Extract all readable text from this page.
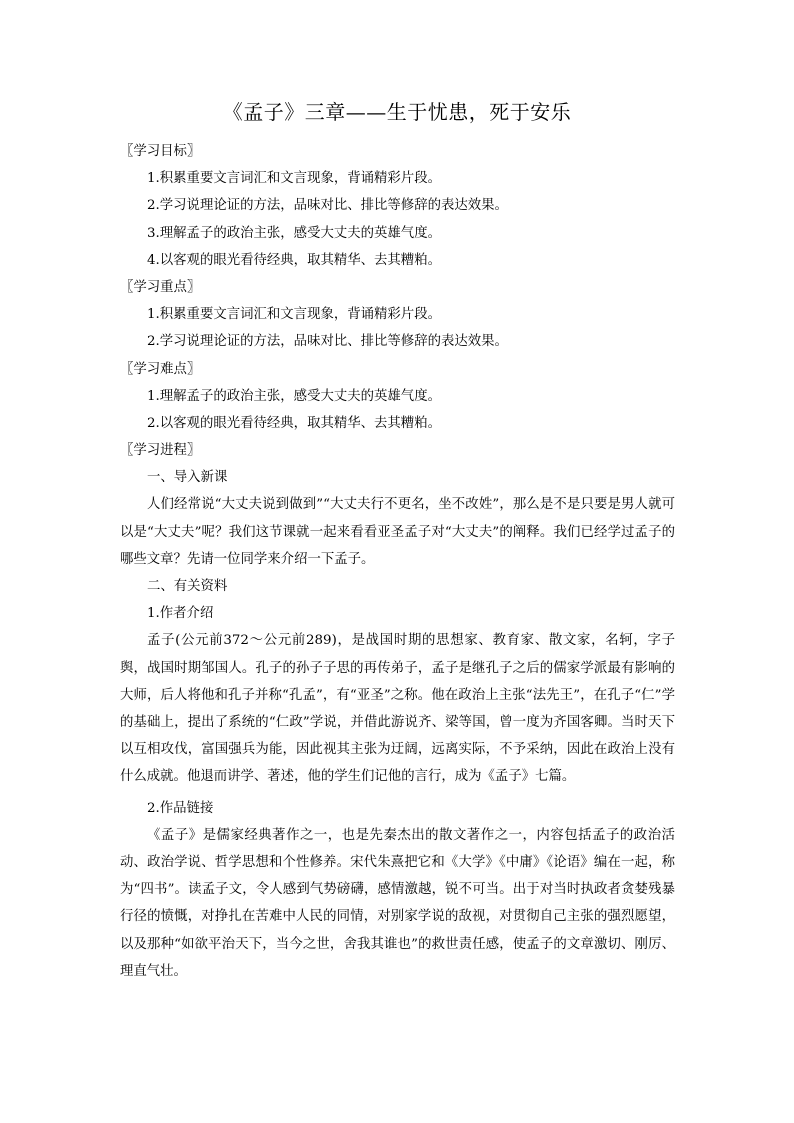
《孟子》三章——生于忧患，死于安乐
〖学习目标〗
1.积累重要文言词汇和文言现象，背诵精彩片段。
2.学习说理论证的方法，品味对比、排比等修辞的表达效果。
3.理解孟子的政治主张，感受大丈夫的英雄气度。
4.以客观的眼光看待经典，取其精华、去其糟粕。
〖学习重点〗
1.积累重要文言词汇和文言现象，背诵精彩片段。
2.学习说理论证的方法，品味对比、排比等修辞的表达效果。
〖学习难点〗
1.理解孟子的政治主张，感受大丈夫的英雄气度。
2.以客观的眼光看待经典，取其精华、去其糟粕。
〖学习进程〗
一、导入新课

人们经常说“大丈夫说到做到”“大丈夫行不更名，坐不改姓”，那么是不是只要是男人就可以是“大丈夫”呢？我们这节课就一起来看看亚圣孟子对“大丈夫”的阐释。我们已经学过孟子的哪些文章？先请一位同学来介绍一下孟子。

二、有关资料
1.作者介绍

孟子(公元前372～公元前289)，是战国时期的思想家、教育家、散文家，名轲，字子舆，战国时期邹国人。孔子的孙子子思的再传弟子，孟子是继孔子之后的儒家学派最有影响的大师，后人将他和孔子并称“孔孟”，有“亚圣”之称。他在政治上主张“法先王”，在孔子“仁”学的基础上，提出了系统的“仁政”学说，并借此游说齐、梁等国，曾一度为齐国客卿。当时天下以互相攻伐，富国强兵为能，因此视其主张为迂阔，远离实际，不予采纳，因此在政治上没有什么成就。他退而讲学、著述，他的学生们记他的言行，成为《孟子》七篇。

2.作品链接

《孟子》是儒家经典著作之一，也是先秦杰出的散文著作之一，内容包括孟子的政治活动、政治学说、哲学思想和个性修养。宋代朱熹把它和《大学》《中庸》《论语》编在一起，称为“四书”。读孟子文，令人感到气势磅礴，感情激越，锐不可当。出于对当时执政者贪婪残暴行径的愤慨，对挣扎在苦难中人民的同情，对别家学说的敌视，对贯彻自己主张的强烈愿望，以及那种“如欲平治天下，当今之世，舍我其谁也”的救世责任感，使孟子的文章激切、刚厉、理直气壮。
